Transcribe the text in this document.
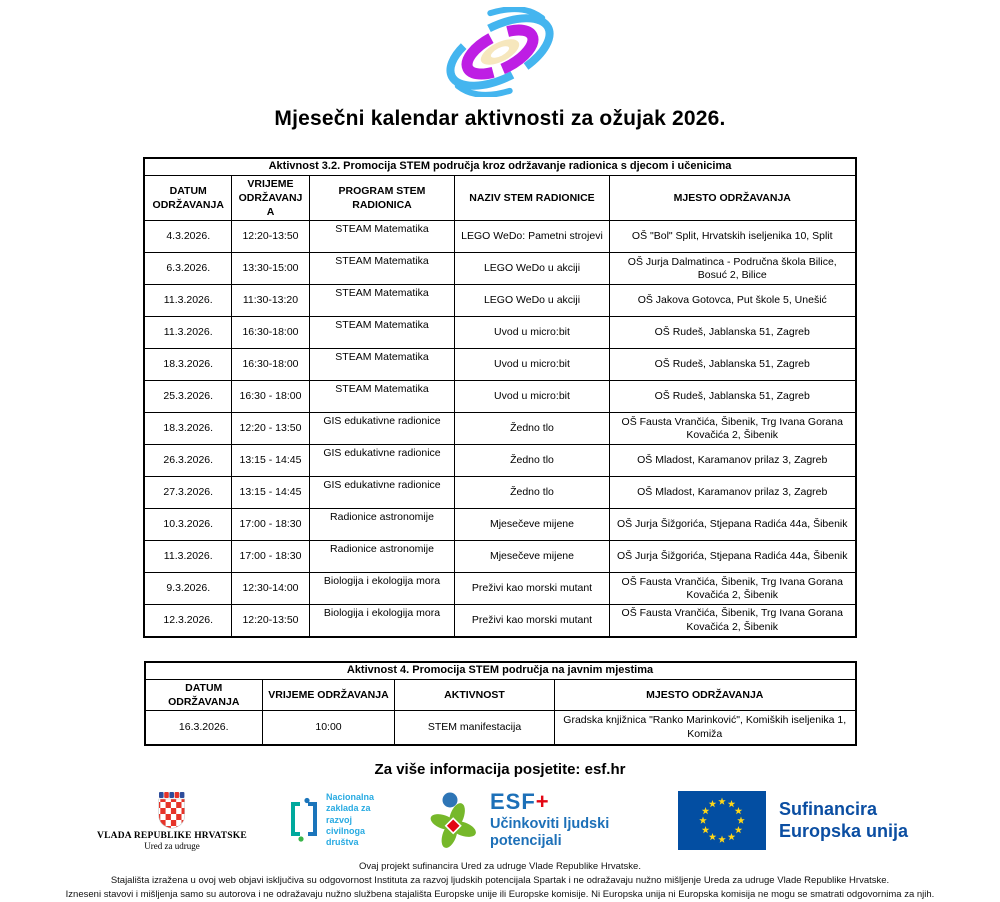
Mjesečni kalendar aktivnosti za ožujak 2026.
Aktivnost 3.2. Promocija STEM područja kroz održavanje radionica s djecom i učenicima				
DATUM ODRŽAVANJA	VRIJEME ODRŽAVANJA	PROGRAM STEM RADIONICA	NAZIV STEM RADIONICE	MJESTO ODRŽAVANJA
4.3.2026.	12:20-13:50	STEAM Matematika	LEGO WeDo: Pametni strojevi	OŠ "Bol" Split, Hrvatskih iseljenika 10, Split
6.3.2026.	13:30-15:00	STEAM Matematika	LEGO WeDo u akciji	OŠ Jurja Dalmatinca - Područna škola Bilice, Bosuć 2, Bilice
11.3.2026.	11:30-13:20	STEAM Matematika	LEGO WeDo u akciji	OŠ Jakova Gotovca, Put škole 5, Unešić
11.3.2026.	16:30-18:00	STEAM Matematika	Uvod u micro:bit	OŠ Rudeš, Jablanska 51, Zagreb
18.3.2026.	16:30-18:00	STEAM Matematika	Uvod u micro:bit	OŠ Rudeš, Jablanska 51, Zagreb
25.3.2026.	16:30 - 18:00	STEAM Matematika	Uvod u micro:bit	OŠ Rudeš, Jablanska 51, Zagreb
18.3.2026.	12:20 - 13:50	GIS edukativne radionice	Žedno tlo	OŠ Fausta Vrančića, Šibenik, Trg Ivana Gorana Kovačića 2, Šibenik
26.3.2026.	13:15 - 14:45	GIS edukativne radionice	Žedno tlo	OŠ Mladost, Karamanov prilaz 3, Zagreb
27.3.2026.	13:15 - 14:45	GIS edukativne radionice	Žedno tlo	OŠ Mladost, Karamanov prilaz 3, Zagreb
10.3.2026.	17:00 - 18:30	Radionice astronomije	Mjesečeve mijene	OŠ Jurja Šižgorića, Stjepana Radića 44a, Šibenik
11.3.2026.	17:00 - 18:30	Radionice astronomije	Mjesečeve mijene	OŠ Jurja Šižgorića, Stjepana Radića 44a, Šibenik
9.3.2026.	12:30-14:00	Biologija i ekologija mora	Preživi kao morski mutant	OŠ Fausta Vrančića, Šibenik, Trg Ivana Gorana Kovačića 2, Šibenik
12.3.2026.	12:20-13:50	Biologija i ekologija mora	Preživi kao morski mutant	OŠ Fausta Vrančića, Šibenik, Trg Ivana Gorana Kovačića 2, Šibenik
Aktivnost 4. Promocija STEM područja na javnim mjestima			
DATUM ODRŽAVANJA	VRIJEME ODRŽAVANJA	AKTIVNOST	MJESTO ODRŽAVANJA
16.3.2026.	10:00	STEM manifestacija	Gradska knjižnica "Ranko Marinković", Komiških iseljenika 1, Komiža
Za više informacija posjetite: esf.hr
VLADA REPUBLIKE HRVATSKE
Ured za udruge
Nacionalna zaklada za razvoj civilnoga društva
ESF+
Učinkoviti ljudski potencijali
Sufinancira
Europska unija
Ovaj projekt sufinancira Ured za udruge Vlade Republike Hrvatske.
Stajališta izražena u ovoj web objavi isključiva su odgovornost Instituta za razvoj ljudskih potencijala Spartak i ne odražavaju nužno mišljenje Ureda za udruge Vlade Republike Hrvatske.
Izneseni stavovi i mišljenja samo su autorova i ne odražavaju nužno službena stajališta Europske unije ili Europske komisije. Ni Europska unija ni Europska komisija ne mogu se smatrati odgovornima za njih.
